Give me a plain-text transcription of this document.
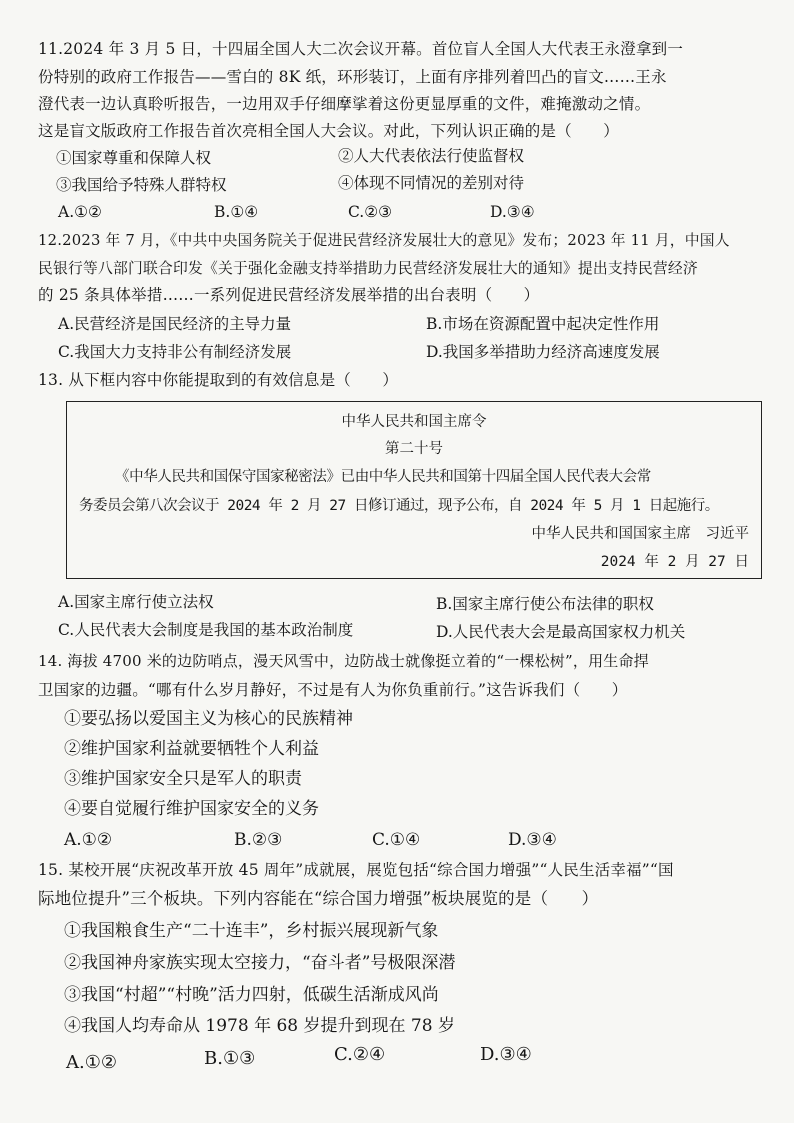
11.2024 年 3 月 5 日，十四届全国人大二次会议开幕。首位盲人全国人大代表王永澄拿到一
份特别的政府工作报告——雪白的 8K 纸，环形装订，上面有序排列着凹凸的盲文……王永
澄代表一边认真聆听报告，一边用双手仔细摩挲着这份更显厚重的文件，难掩激动之情。
这是盲文版政府工作报告首次亮相全国人大会议。对此，下列认识正确的是（　　）
①国家尊重和保障人权	②人大代表依法行使监督权
③我国给予特殊人群特权	④体现不同情况的差别对待
A.①②	B.①④	C.②③	D.③④
12.2023 年 7 月，《中共中央国务院关于促进民营经济发展壮大的意见》发布；2023 年 11 月，中国人
民银行等八部门联合印发《关于强化金融支持举措助力民营经济发展壮大的通知》提出支持民营经济
的 25 条具体举措……一系列促进民营经济发展举措的出台表明（　　）
A.民营经济是国民经济的主导力量	B.市场在资源配置中起决定性作用
C.我国大力支持非公有制经济发展	D.我国多举措助力经济高速度发展
13. 从下框内容中你能提取到的有效信息是（　　）
中华人民共和国主席令
第二十号
《中华人民共和国保守国家秘密法》已由中华人民共和国第十四届全国人民代表大会常
务委员会第八次会议于 2024 年 2 月 27 日修订通过，现予公布，自 2024 年 5 月 1 日起施行。
中华人民共和国国家主席　习近平
2024 年 2 月 27 日
A.国家主席行使立法权	B.国家主席行使公布法律的职权
C.人民代表大会制度是我国的基本政治制度	D.人民代表大会是最高国家权力机关
14. 海拔 4700 米的边防哨点，漫天风雪中，边防战士就像挺立着的“一棵松树”，用生命捍
卫国家的边疆。“哪有什么岁月静好，不过是有人为你负重前行。”这告诉我们（　　）
①要弘扬以爱国主义为核心的民族精神
②维护国家利益就要牺牲个人利益
③维护国家安全只是军人的职责
④要自觉履行维护国家安全的义务
A.①②	B.②③	C.①④	D.③④
15. 某校开展“庆祝改革开放 45 周年”成就展，展览包括“综合国力增强”“人民生活幸福”“国
际地位提升”三个板块。下列内容能在“综合国力增强”板块展览的是（　　）
①我国粮食生产“二十连丰”，乡村振兴展现新气象
②我国神舟家族实现太空接力，“奋斗者”号极限深潜
③我国“村超”“村晚”活力四射，低碳生活渐成风尚
④我国人均寿命从 1978 年 68 岁提升到现在 78 岁
A.①②	B.①③	C.②④	D.③④
